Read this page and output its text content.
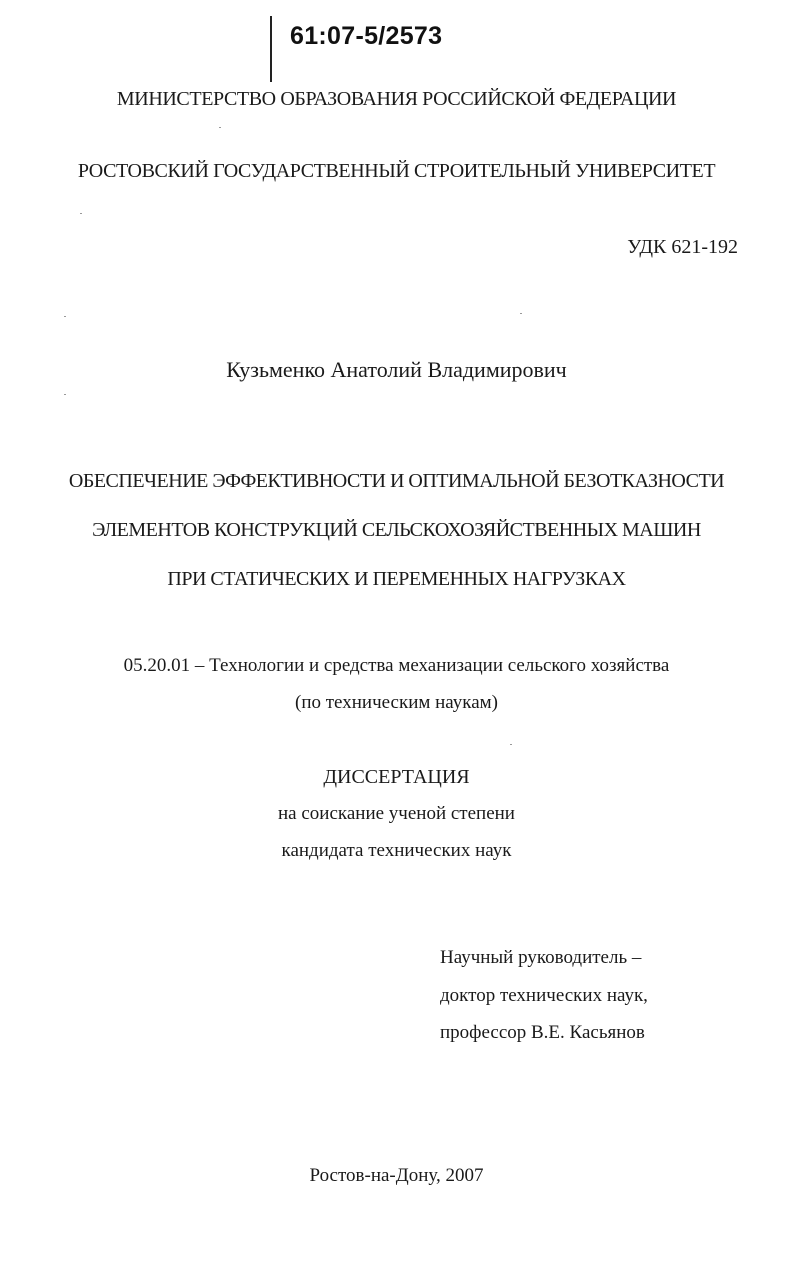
61:07-5/2573
МИНИСТЕРСТВО ОБРАЗОВАНИЯ РОССИЙСКОЙ ФЕДЕРАЦИИ
РОСТОВСКИЙ ГОСУДАРСТВЕННЫЙ СТРОИТЕЛЬНЫЙ УНИВЕРСИТЕТ
УДК 621-192
Кузьменко Анатолий Владимирович
ОБЕСПЕЧЕНИЕ ЭФФЕКТИВНОСТИ И ОПТИМАЛЬНОЙ БЕЗОТКАЗНОСТИ
ЭЛЕМЕНТОВ КОНСТРУКЦИЙ СЕЛЬСКОХОЗЯЙСТВЕННЫХ МАШИН
ПРИ СТАТИЧЕСКИХ И ПЕРЕМЕННЫХ НАГРУЗКАХ
05.20.01 – Технологии и средства механизации сельского хозяйства
(по техническим наукам)
ДИССЕРТАЦИЯ
на соискание ученой степени
кандидата технических наук
Научный руководитель –
доктор технических наук,
профессор В.Е. Касьянов
Ростов-на-Дону, 2007
